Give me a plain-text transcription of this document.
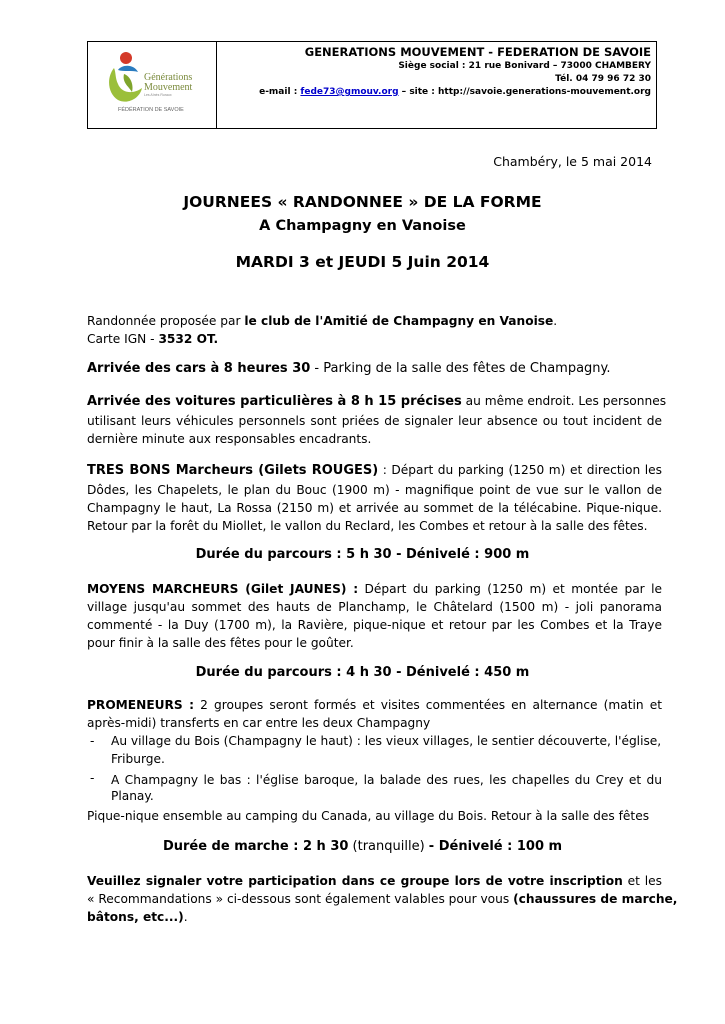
Générations
Mouvement
Les Aînés Ruraux
FÉDÉRATION DE SAVOIE
GENERATIONS MOUVEMENT - FEDERATION DE SAVOIE
Siège social : 21 rue Bonivard – 73000 CHAMBERY
Tél. 04 79 96 72 30
e-mail : fede73@gmouv.org – site : http://savoie.generations-mouvement.org
Chambéry, le 5 mai 2014
JOURNEES « RANDONNEE » DE LA FORME
A Champagny en Vanoise
MARDI 3 et JEUDI 5 Juin 2014
Randonnée proposée par le club de l'Amitié de Champagny en Vanoise.
Carte IGN - 3532 OT.
Arrivée des cars à 8 heures 30 - Parking de la salle des fêtes de Champagny.

Arrivée des voitures particulières à 8 h 15 précises au même endroit. Les personnes

utilisant leurs véhicules personnels sont priées de signaler leur absence ou tout incident de

dernière minute aux responsables encadrants.

TRES BONS Marcheurs (Gilets ROUGES) : Départ du parking (1250 m) et direction les

Dôdes, les Chapelets, le plan du Bouc (1900 m) - magnifique point de vue sur le vallon de

Champagny le haut, La Rossa (2150 m) et arrivée au sommet de la télécabine. Pique-nique.

Retour par la forêt du Miollet, le vallon du Reclard, les Combes et retour à la salle des fêtes.
Durée du parcours : 5 h 30 - Dénivelé : 900 m

MOYENS MARCHEURS (Gilet JAUNES) : Départ du parking (1250 m) et montée par le

village jusqu'au sommet des hauts de Planchamp, le Châtelard (1500 m) - joli panorama

commenté - la Duy (1700 m), la Ravière, pique-nique et retour par les Combes et la Traye

pour finir à la salle des fêtes pour le goûter.
Durée du parcours : 4 h 30 - Dénivelé : 450 m

PROMENEURS : 2 groupes seront formés et visites commentées en alternance (matin et

après-midi) transferts en car entre les deux Champagny
- Au village du Bois (Champagny le haut) : les vieux villages, le sentier découverte, l'église,
Friburge.
- A Champagny le bas : l'église baroque, la balade des rues, les chapelles du Crey et du

Planay.
Pique-nique ensemble au camping du Canada, au village du Bois. Retour à la salle des fêtes
Durée de marche : 2 h 30 (tranquille) - Dénivelé : 100 m

Veuillez signaler votre participation dans ce groupe lors de votre inscription et les

« Recommandations » ci-dessous sont également valables pour vous (chaussures de marche,

bâtons, etc...).
